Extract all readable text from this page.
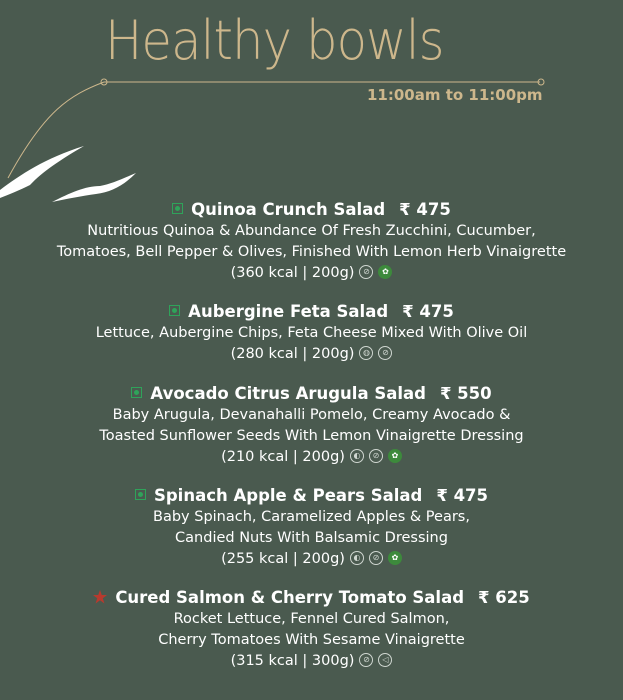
Healthy bowls
11:00am to 11:00pm
Quinoa Crunch Salad ₹ 475
Nutritious Quinoa & Abundance Of Fresh Zucchini, Cucumber,
Tomatoes, Bell Pepper & Olives, Finished With Lemon Herb Vinaigrette
(360 kcal | 200g) ⊘ ✿
Aubergine Feta Salad ₹ 475
Lettuce, Aubergine Chips, Feta Cheese Mixed With Olive Oil
(280 kcal | 200g) ◍ ⊘
Avocado Citrus Arugula Salad ₹ 550
Baby Arugula, Devanahalli Pomelo, Creamy Avocado &
Toasted Sunflower Seeds With Lemon Vinaigrette Dressing
(210 kcal | 200g) ◐ ⊘ ✿
Spinach Apple & Pears Salad ₹ 475
Baby Spinach, Caramelized Apples & Pears,
Candied Nuts With Balsamic Dressing
(255 kcal | 200g) ◐ ⊘ ✿
Cured Salmon & Cherry Tomato Salad ₹ 625
Rocket Lettuce, Fennel Cured Salmon,
Cherry Tomatoes With Sesame Vinaigrette
(315 kcal | 300g) ⊘ ◁
